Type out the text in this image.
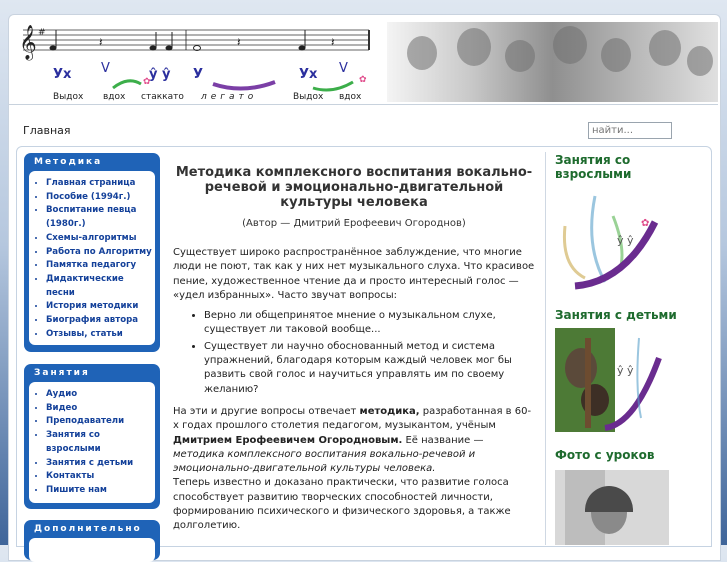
𝄞 #
𝄽	𝄽	𝄽
Ух V	ŷ ŷ У	Ух V
✿	✿
Выдох вдох стаккато легато	Выдох вдох
Главная
найти...
Методика
• Главная страница
• Пособие (1994г.)
• Воспитание певца (1980г.)
• Схемы-алгоритмы
• Работа по Алгоритму
• Памятка педагогу
• Дидактические песни
• История методики
• Биография автора
• Отзывы, статьи
Занятия
• Аудио
• Видео
• Преподаватели
• Занятия со взрослыми
• Занятия с детьми
• Контакты
• Пишите нам
Дополнительно
Методика комплексного воспитания вокально-речевой и эмоционально-двигательной культуры человека
(Автор — Дмитрий Ерофеевич Огороднов)

Существует широко распространённое заблуждение, что многие люди не поют, так как у них нет музыкального слуха. Что красивое пение, художественное чтение да и просто интересный голос — «удел избранных». Часто звучат вопросы:

• Верно ли общепринятое мнение о музыкальном слухе, существует ли таковой вообще...
• Существует ли научно обоснованный метод и система упражнений, благодаря которым каждый человек мог бы развить свой голос и научиться управлять им по своему желанию?

На эти и другие вопросы отвечает методика, разработанная в 60-х годах прошлого столетия педагогом, музыкантом, учёным Дмитрием Ерофеевичем Огородновым. Её название — методика комплексного воспитания вокально-речевой и эмоционально-двигательной культуры человека.

Теперь известно и доказано практически, что развитие голоса способствует развитию творческих способностей личности, формированию психического и физического здоровья, а также долголетию.

Занятия со взрослыми
ŷ ŷ
✿
Занятия с детьми
ŷ ŷ
Фото с уроков
